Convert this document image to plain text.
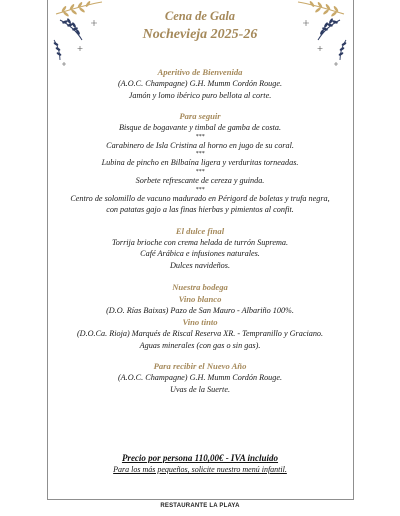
Cena de Gala
Nochevieja 2025-26
Aperitivo de Bienvenida
(A.O.C. Champagne) G.H. Mumm Cordón Rouge.
Jamón y lomo ibérico puro bellota al corte.
Para seguir
Bisque de bogavante y timbal de gamba de costa.
***
Carabinero de Isla Cristina al horno en jugo de su coral.
***
Lubina de pincho en Bilbaína ligera y verduritas torneadas.
***
Sorbete refrescante de cereza y guinda.
***
Centro de solomillo de vacuno madurado en Périgord de boletas y trufa negra,
con patatas gajo a las finas hierbas y pimientos al confit.
El dulce final
Torrija brioche con crema helada de turrón Suprema.
Café Arábica e infusiones naturales.
Dulces navideños.
Nuestra bodega
Vino blanco
(D.O. Rías Baixas) Pazo de San Mauro - Albariño 100%.
Vino tinto
(D.O.Ca. Rioja) Marqués de Riscal Reserva XR. - Tempranillo y Graciano.
Aguas minerales (con gas o sin gas).
Para recibir el Nuevo Año
(A.O.C. Champagne) G.H. Mumm Cordón Rouge.
Uvas de la Suerte.
Precio por persona 110,00€ - IVA incluido
Para los más pequeños, solicite nuestro menú infantil.
RESTAURANTE LA PLAYA
